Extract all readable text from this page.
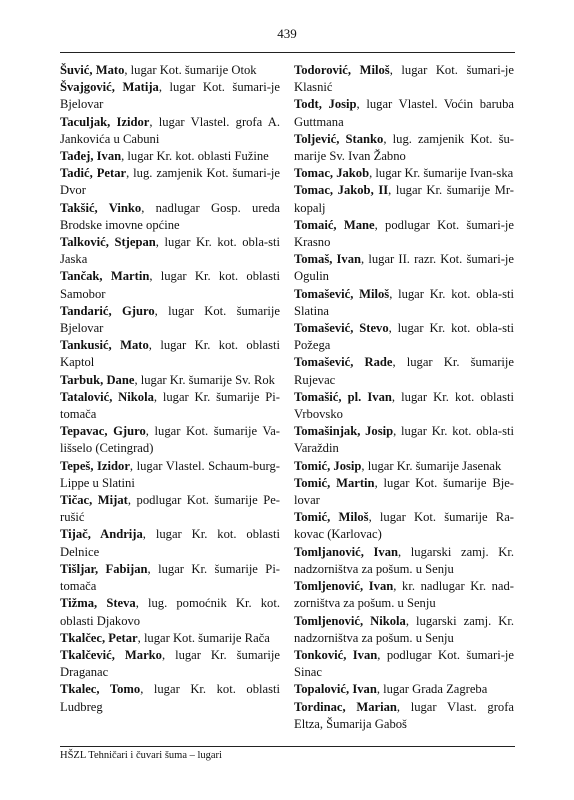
439

Šuvić, Mato, lugar Kot. šumarije Otok

Švajgović, Matija, lugar Kot. šumari-je Bjelovar

Taculjak, Izidor, lugar Vlastel. grofa A. Jankovića u Cabuni

Tađej, Ivan, lugar Kr. kot. oblasti Fužine

Tadić, Petar, lug. zamjenik Kot. šumari-je Dvor

Takšić, Vinko, nadlugar Gosp. ureda Brodske imovne općine

Talković, Stjepan, lugar Kr. kot. obla-sti Jaska

Tančak, Martin, lugar Kr. kot. oblasti Samobor

Tandarić, Gjuro, lugar Kot. šumarije Bjelovar

Tankusić, Mato, lugar Kr. kot. oblasti Kaptol

Tarbuk, Dane, lugar Kr. šumarije Sv. Rok

Tatalović, Nikola, lugar Kr. šumarije Pi-tomača

Tepavac, Gjuro, lugar Kot. šumarije Va-lišselo (Cetingrad)

Tepeš, Izidor, lugar Vlastel. Schaum-burg-Lippe u Slatini

Tičac, Mijat, podlugar Kot. šumarije Pe-rušić

Tijač, Andrija, lugar Kr. kot. oblasti Delnice

Tišljar, Fabijan, lugar Kr. šumarije Pi-tomača

Tižma, Steva, lug. pomoćnik Kr. kot. oblasti Djakovo

Tkalčec, Petar, lugar Kot. šumarije Rača

Tkalčević, Marko, lugar Kr. šumarije Draganac

Tkalec, Tomo, lugar Kr. kot. oblasti Ludbreg

Todorović, Miloš, lugar Kot. šumari-je Klasnić

Todt, Josip, lugar Vlastel. Voćin baruba Guttmana

Toljević, Stanko, lug. zamjenik Kot. šu-marije Sv. Ivan Žabno

Tomac, Jakob, lugar Kr. šumarije Ivan-ska

Tomac, Jakob, II, lugar Kr. šumarije Mr-kopalj

Tomaić, Mane, podlugar Kot. šumari-je Krasno

Tomaš, Ivan, lugar II. razr. Kot. šumari-je Ogulin

Tomašević, Miloš, lugar Kr. kot. obla-sti Slatina

Tomašević, Stevo, lugar Kr. kot. obla-sti Požega

Tomašević, Rade, lugar Kr. šumarije Rujevac

Tomašić, pl. Ivan, lugar Kr. kot. oblasti Vrbovsko

Tomašinjak, Josip, lugar Kr. kot. obla-sti Varaždin

Tomić, Josip, lugar Kr. šumarije Jasenak

Tomić, Martin, lugar Kot. šumarije Bje-lovar

Tomić, Miloš, lugar Kot. šumarije Ra-kovac (Karlovac)

Tomljanović, Ivan, lugarski zamj. Kr. nadzorništva za pošum. u Senju

Tomljenović, Ivan, kr. nadlugar Kr. nad-zorništva za pošum. u Senju

Tomljenović, Nikola, lugarski zamj. Kr. nadzorništva za pošum. u Senju

Tonković, Ivan, podlugar Kot. šumari-je Sinac

Topalović, Ivan, lugar Grada Zagreba

Tordinac, Marian, lugar Vlast. grofa Eltza, Šumarija Gaboš

HŠZL Tehničari i čuvari šuma – lugari
